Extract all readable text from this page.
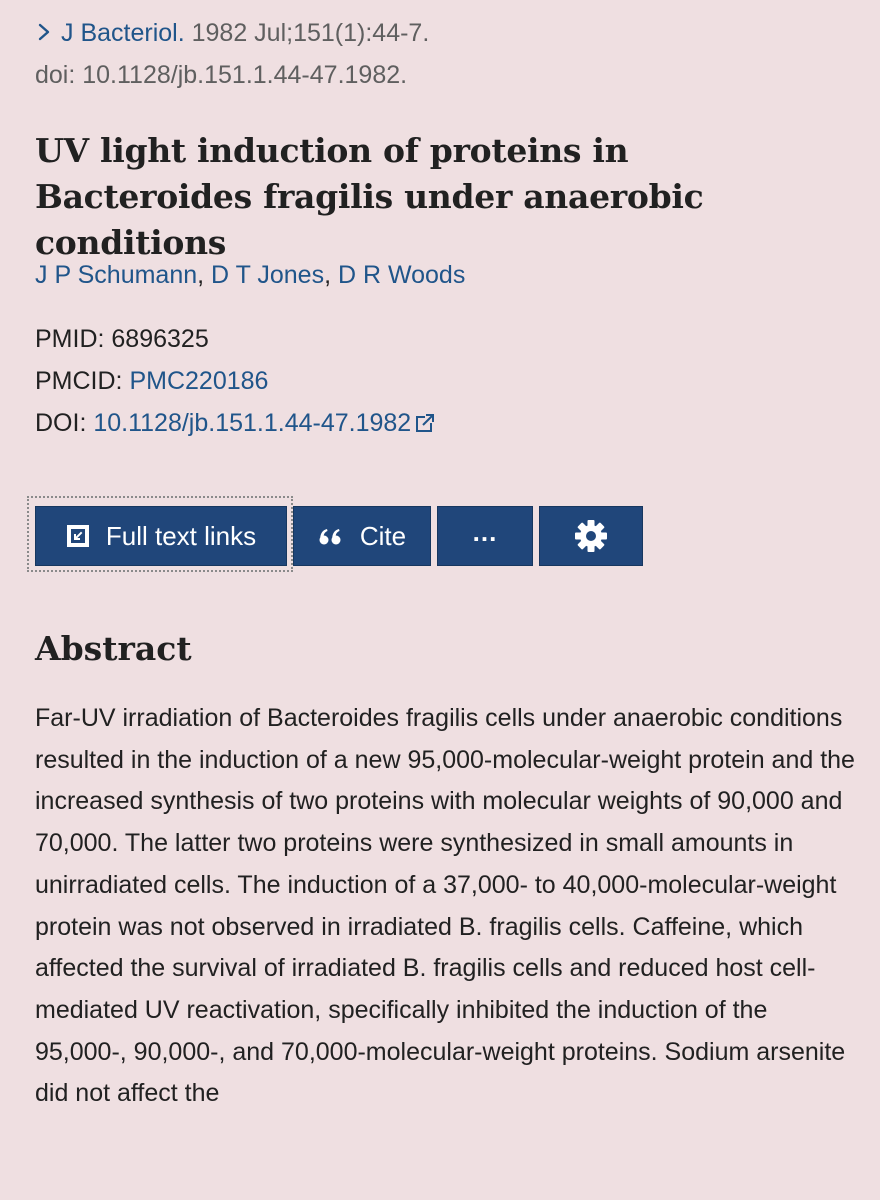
J Bacteriol. 1982 Jul;151(1):44-7.
doi: 10.1128/jb.151.1.44-47.1982.
UV light induction of proteins in Bacteroides fragilis under anaerobic conditions
J P Schumann, D T Jones, D R Woods
PMID: 6896325
PMCID: PMC220186
DOI: 10.1128/jb.151.1.44-47.1982
Full text links	Cite	...
Abstract

Far-UV irradiation of Bacteroides fragilis cells under anaerobic conditions resulted in the induction of a new 95,000-molecular-weight protein and the increased synthesis of two proteins with molecular weights of 90,000 and 70,000. The latter two proteins were synthesized in small amounts in unirradiated cells. The induction of a 37,000- to 40,000-molecular-weight protein was not observed in irradiated B. fragilis cells. Caffeine, which affected the survival of irradiated B. fragilis cells and reduced host cell-mediated UV reactivation, specifically inhibited the induction of the 95,000-, 90,000-, and 70,000-molecular-weight proteins. Sodium arsenite did not affect the
